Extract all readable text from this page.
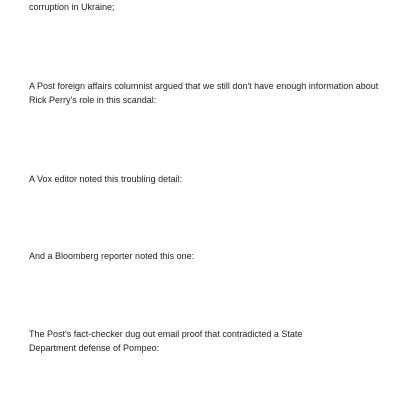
corruption in Ukraine;

A Post foreign affairs columnist argued that we still don't have enough information about
Rick Perry's role in this scandal:

A Vox editor noted this troubling detail:

And a Bloomberg reporter noted this one:

The Post's fact-checker dug out email proof that contradicted a State
Department defense of Pompeo:
